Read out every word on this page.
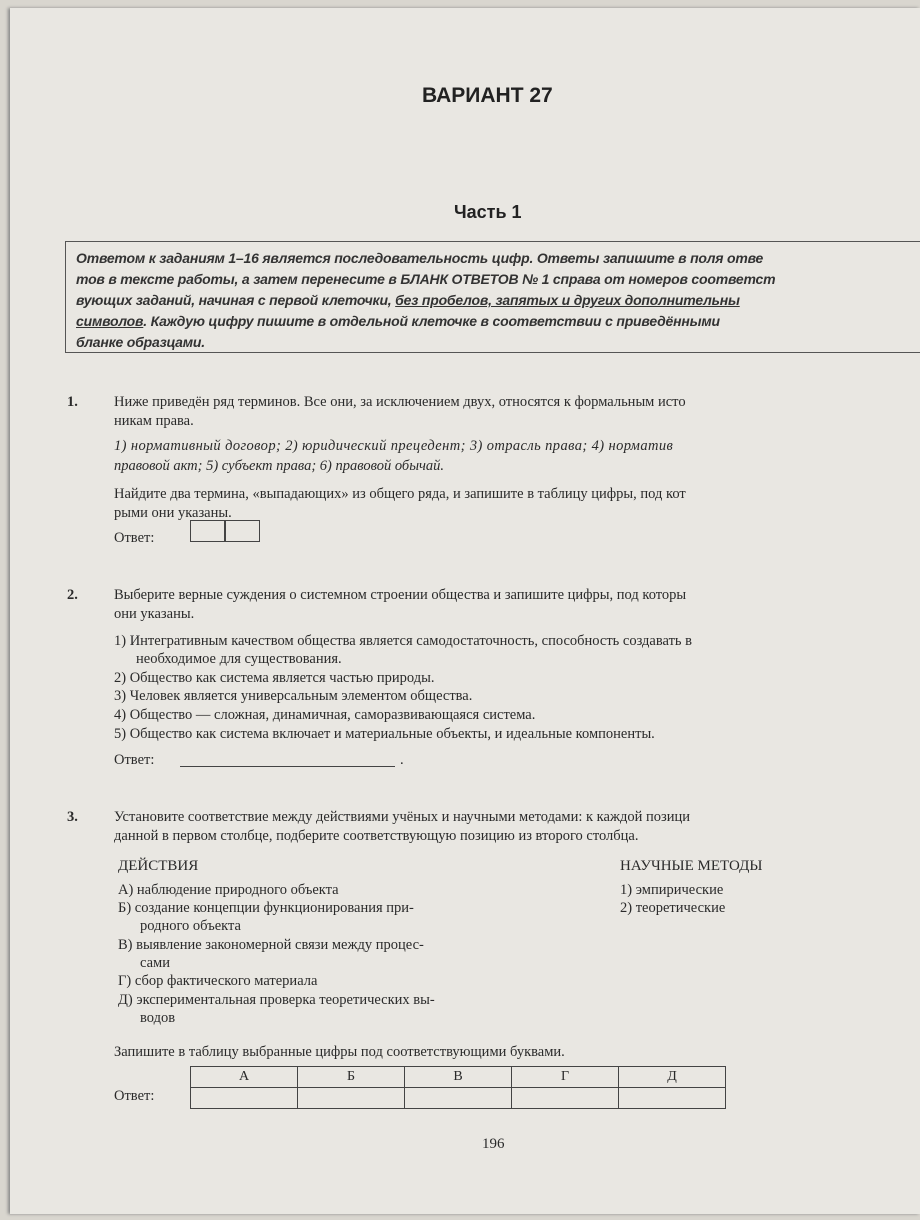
ВАРИАНТ 27
Часть 1
Ответом к заданиям 1–16 является последовательность цифр. Ответы запишите в поля отве
тов в тексте работы, а затем перенесите в БЛАНК ОТВЕТОВ № 1 справа от номеров соответст
вующих заданий, начиная с первой клеточки, без пробелов, запятых и других дополнительны
символов. Каждую цифру пишите в отдельной клеточке в соответствии с приведёнными
бланке образцами.
1. Ниже приведён ряд терминов. Все они, за исключением двух, относятся к формальным исто
никам права.
1) нормативный договор; 2) юридический прецедент; 3) отрасль права; 4) норматив
правовой акт; 5) субъект права; 6) правовой обычай.
Найдите два термина, «выпадающих» из общего ряда, и запишите в таблицу цифры, под кот
рыми они указаны.
Ответ:
2. Выберите верные суждения о системном строении общества и запишите цифры, под которы
они указаны.
1) Интегративным качеством общества является самодостаточность, способность создавать в
необходимое для существования.
2) Общество как система является частью природы.
3) Человек является универсальным элементом общества.
4) Общество — сложная, динамичная, саморазвивающаяся система.
5) Общество как система включает и материальные объекты, и идеальные компоненты.
Ответ:	.
3. Установите соответствие между действиями учёных и научными методами: к каждой позици
данной в первом столбце, подберите соответствующую позицию из второго столбца.
ДЕЙСТВИЯ	НАУЧНЫЕ МЕТОДЫ
А) наблюдение природного объекта
Б) создание концепции функционирования при-
родного объекта
В) выявление закономерной связи между процес-
сами
Г) сбор фактического материала
Д) экспериментальная проверка теоретических вы-
водов
1) эмпирические
2) теоретические
Запишите в таблицу выбранные цифры под соответствующими буквами.
Ответ:
А	Б	В	Г	Д

196
